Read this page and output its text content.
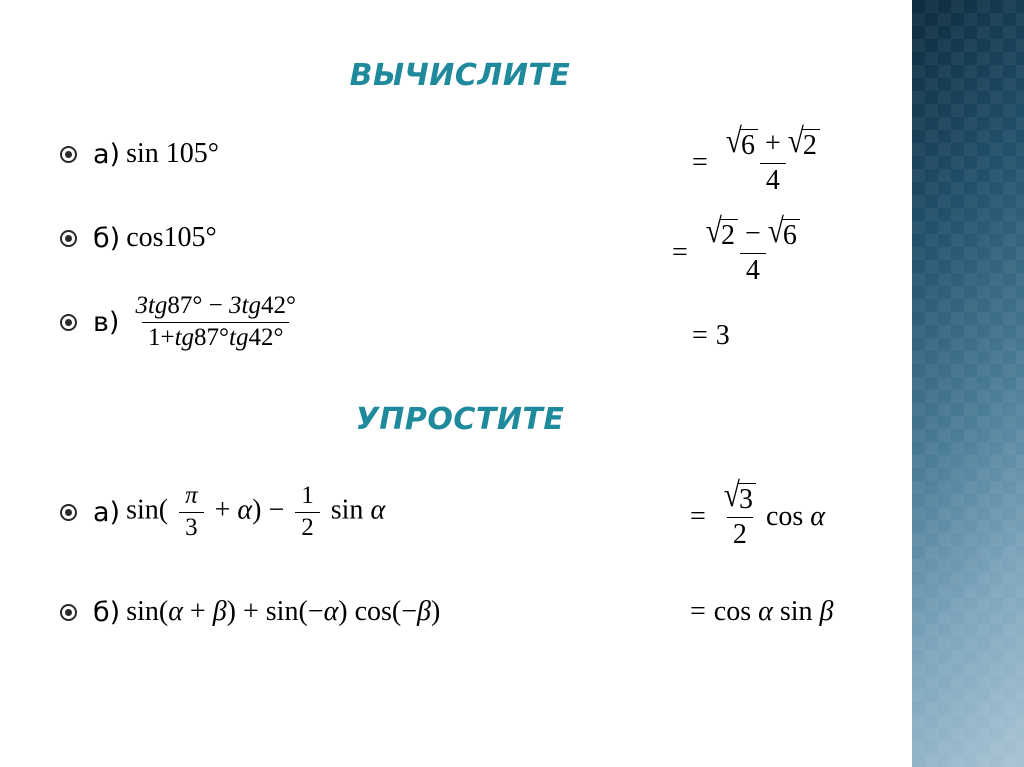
ВЫЧИСЛИТЕ
а) sin 105°
б) cos105°
$в) \frac{3tg87^\circ - 3tg42^\circ}{1+tg87^\circ tg42^\circ}$
= $\frac{√ 6 + √ 2}{4}$
= $\frac{√ 2 - √ 6}{4}$
= 3
УПРОСТИТЕ
а) $\sin( \frac{\pi}{3} + \alpha) - \frac{1}{2}$ sin α
б) sin(α + β) + sin(−α) cos(−β)
= $\frac{√ 3}{2}$ cos
α
= cos
α
sin
β
